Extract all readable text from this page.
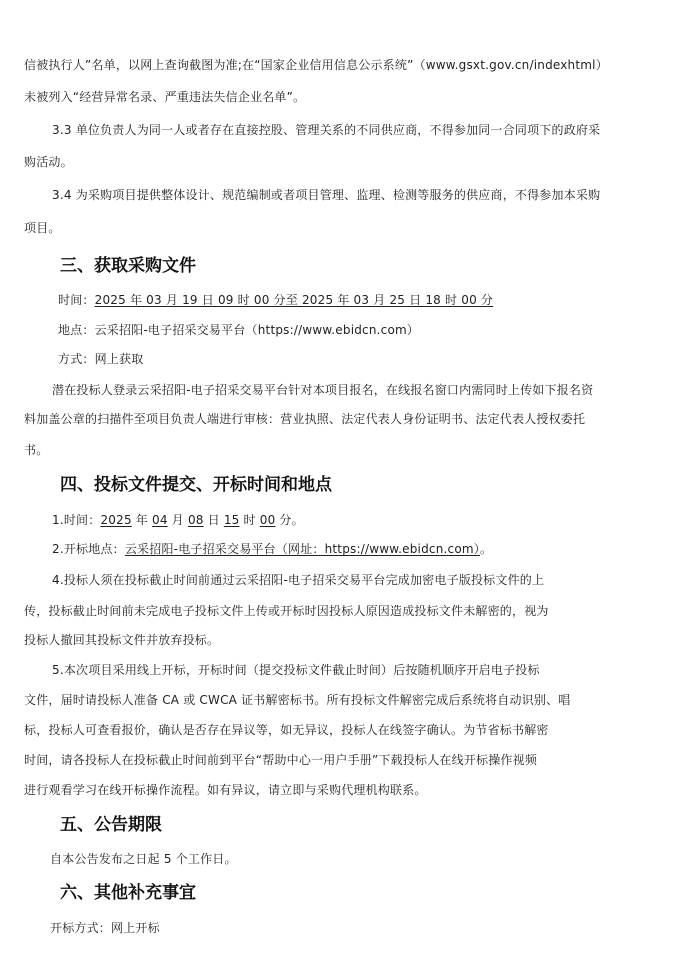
信被执行人”名单，以网上查询截图为准;在“国家企业信用信息公示系统”（www.gsxt.gov.cn/indexhtml）
未被列入“经营异常名录、严重违法失信企业名单”。
3.3 单位负责人为同一人或者存在直接控股、管理关系的不同供应商，不得参加同一合同项下的政府采
购活动。
3.4 为采购项目提供整体设计、规范编制或者项目管理、监理、检测等服务的供应商，不得参加本采购
项目。
三、获取采购文件
时间：2025 年 03 月 19 日 09 时 00 分至 2025 年 03 月 25 日 18 时 00 分
地点：云采招阳-电子招采交易平台（https://www.ebidcn.com）
方式：网上获取
潜在投标人登录云采招阳-电子招采交易平台针对本项目报名，在线报名窗口内需同时上传如下报名资
料加盖公章的扫描件至项目负责人端进行审核：营业执照、法定代表人身份证明书、法定代表人授权委托
书。
四、投标文件提交、开标时间和地点
1.时间：2025 年 04 月 08 日 15 时 00 分。
2.开标地点：云采招阳-电子招采交易平台（网址：https://www.ebidcn.com）。
4.投标人须在投标截止时间前通过云采招阳-电子招采交易平台完成加密电子版投标文件的上
传，投标截止时间前未完成电子投标文件上传或开标时因投标人原因造成投标文件未解密的，视为
投标人撤回其投标文件并放弃投标。
5.本次项目采用线上开标，开标时间（提交投标文件截止时间）后按随机顺序开启电子投标
文件，届时请投标人准备 CA 或 CWCA 证书解密标书。所有投标文件解密完成后系统将自动识别、唱
标，投标人可查看报价，确认是否存在异议等，如无异议，投标人在线签字确认。为节省标书解密
时间，请各投标人在投标截止时间前到平台“帮助中心一用户手册”下载投标人在线开标操作视频
进行观看学习在线开标操作流程。如有异议，请立即与采购代理机构联系。
五、公告期限
自本公告发布之日起 5 个工作日。
六、其他补充事宜
开标方式：网上开标
